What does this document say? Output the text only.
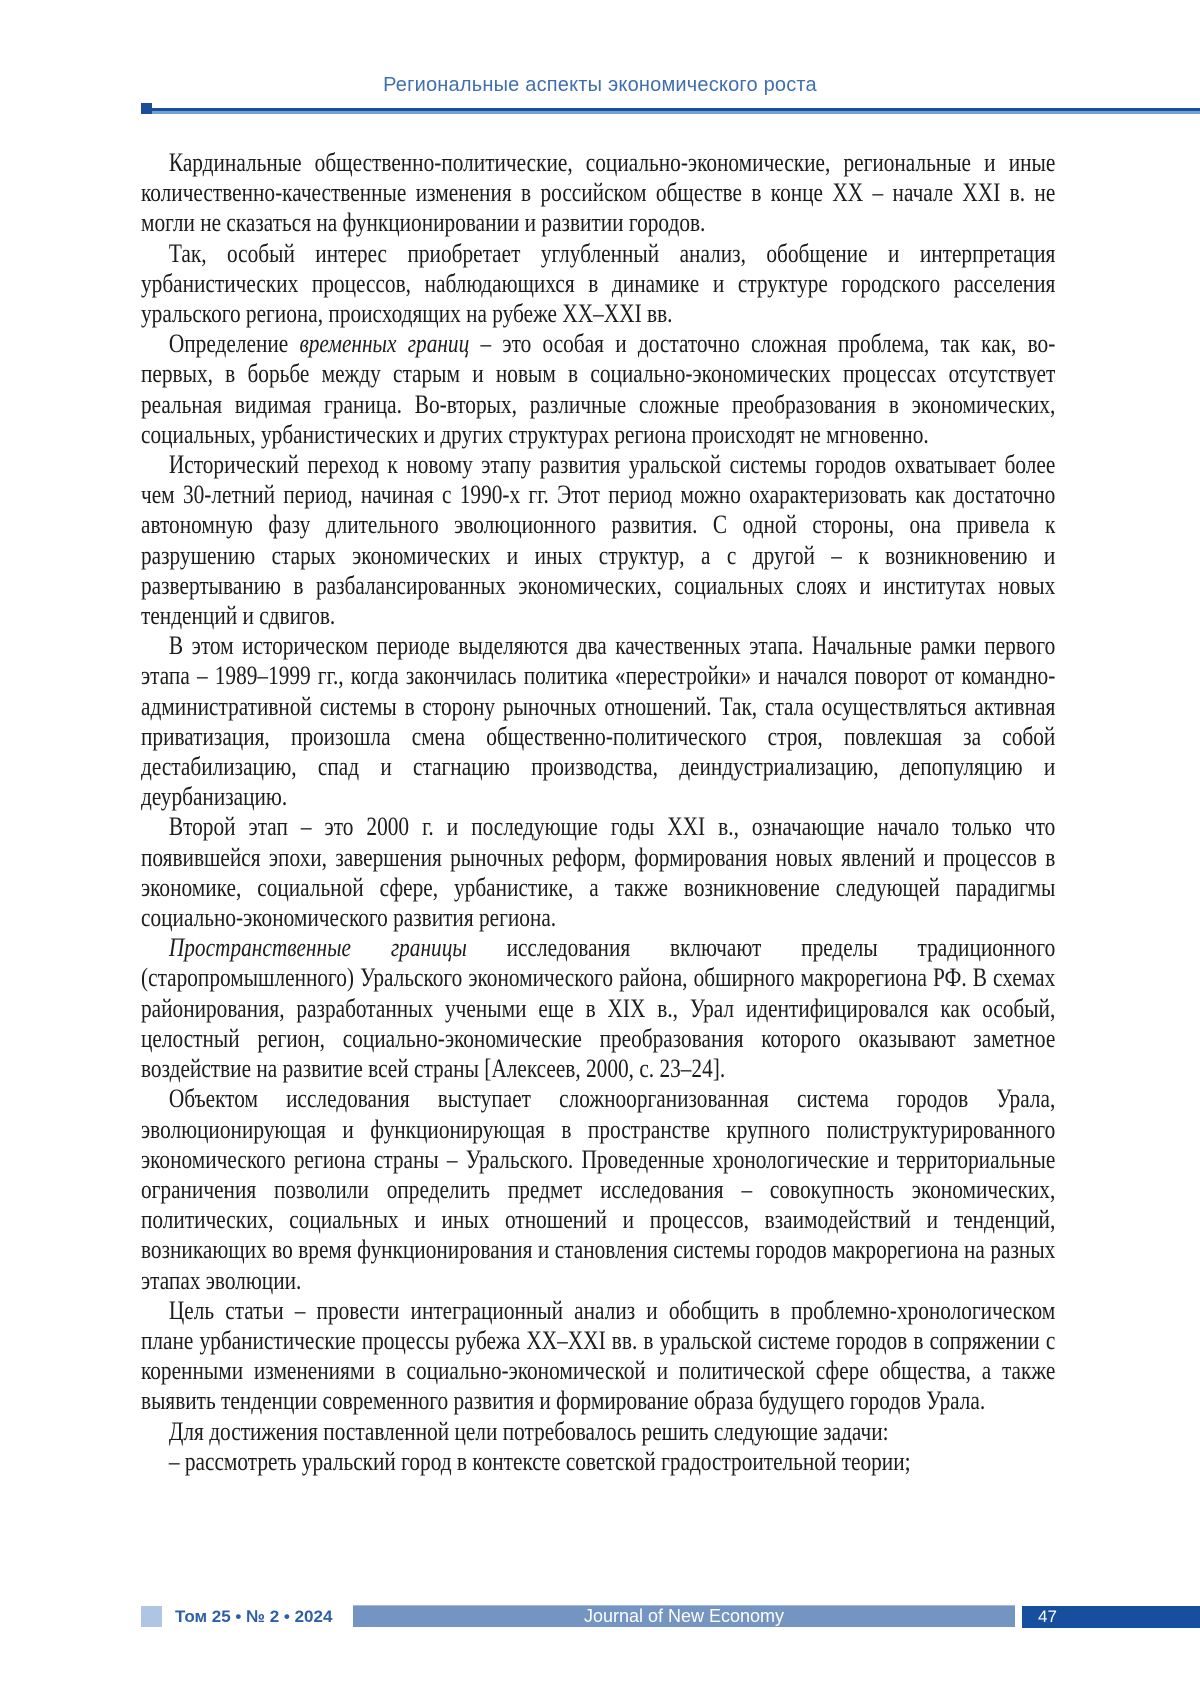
Региональные аспекты экономического роста

Кардинальные общественно-политические, социально-экономические, региональные и иные количественно-качественные изменения в российском обществе в конце XX – начале XXI в. не могли не сказаться на функционировании и развитии городов.

Так, особый интерес приобретает углубленный анализ, обобщение и интерпретация урбанистических процессов, наблюдающихся в динамике и структуре городского расселения уральского региона, происходящих на рубеже XX–XXI вв.

Определение временных границ – это особая и достаточно сложная проблема, так как, во-первых, в борьбе между старым и новым в социально-экономических процессах отсутствует реальная видимая граница. Во-вторых, различные сложные преобразования в экономических, социальных, урбанистических и других структурах региона происходят не мгновенно.

Исторический переход к новому этапу развития уральской системы городов охватывает более чем 30-летний период, начиная с 1990-х гг. Этот период можно охарактеризовать как достаточно автономную фазу длительного эволюционного развития. С одной стороны, она привела к разрушению старых экономических и иных структур, а с другой – к возникновению и развертыванию в разбалансированных экономических, социальных слоях и институтах новых тенденций и сдвигов.

В этом историческом периоде выделяются два качественных этапа. Начальные рамки первого этапа – 1989–1999 гг., когда закончилась политика «перестройки» и начался поворот от командно-административной системы в сторону рыночных отношений. Так, стала осуществляться активная приватизация, произошла смена общественно-политического строя, повлекшая за собой дестабилизацию, спад и стагнацию производства, деиндустриализацию, депопуляцию и деурбанизацию.

Второй этап – это 2000 г. и последующие годы XXI в., означающие начало только что появившейся эпохи, завершения рыночных реформ, формирования новых явлений и процессов в экономике, социальной сфере, урбанистике, а также возникновение следующей парадигмы социально-экономического развития региона.

Пространственные границы исследования включают пределы традиционного (старопромышленного) Уральского экономического района, обширного макрорегиона РФ. В схемах районирования, разработанных учеными еще в XIX в., Урал идентифицировался как особый, целостный регион, социально-экономические преобразования которого оказывают заметное воздействие на развитие всей страны [Алексеев, 2000, с. 23–24].

Объектом исследования выступает сложноорганизованная система городов Урала, эволюционирующая и функционирующая в пространстве крупного полиструктурированного экономического региона страны – Уральского. Проведенные хронологические и территориальные ограничения позволили определить предмет исследования – совокупность экономических, политических, социальных и иных отношений и процессов, взаимодействий и тенденций, возникающих во время функционирования и становления системы городов макрорегиона на разных этапах эволюции.

Цель статьи – провести интеграционный анализ и обобщить в проблемно-хронологическом плане урбанистические процессы рубежа XX–XXI вв. в уральской системе городов в сопряжении с коренными изменениями в социально-экономической и политической сфере общества, а также выявить тенденции современного развития и формирование образа будущего городов Урала.

Для достижения поставленной цели потребовалось решить следующие задачи:

– рассмотреть уральский город в контексте советской градостроительной теории;

Том 25 • № 2 • 2024	Journal of New Economy	47
